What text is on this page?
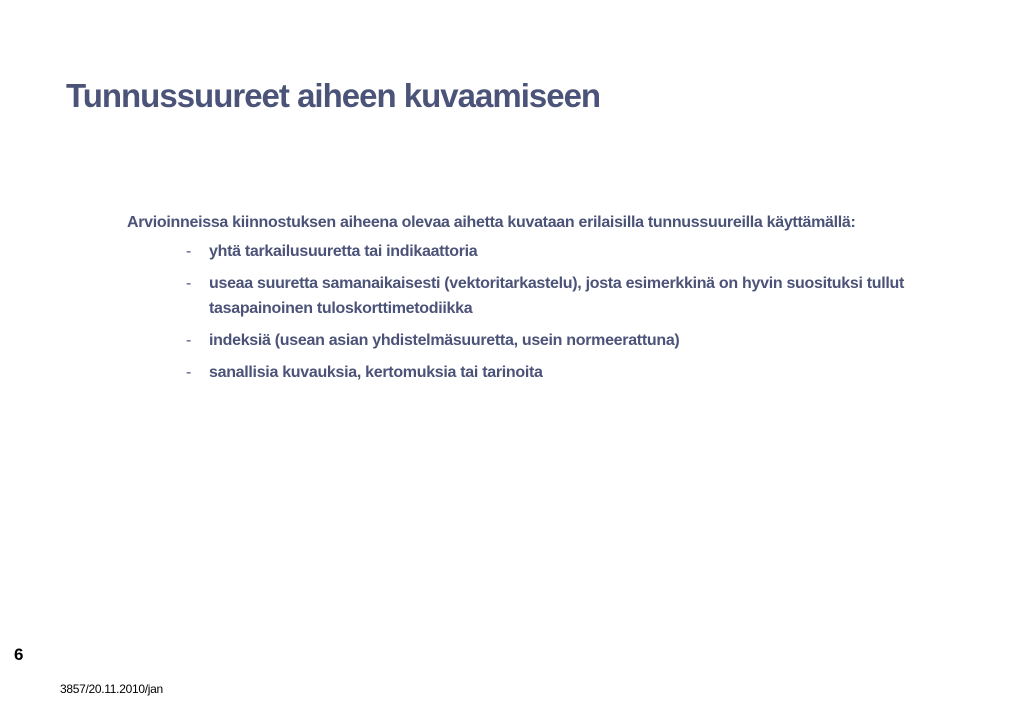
Tunnussuureet aiheen kuvaamiseen

Arvioinneissa kiinnostuksen aiheena olevaa aihetta kuvataan erilaisilla tunnussuureilla käyttämällä:

- yhtä tarkailusuuretta tai indikaattoria
- useaa suuretta samanaikaisesti (vektoritarkastelu), josta esimerkkinä on hyvin suosituksi tullut tasapainoinen tuloskorttimetodiikka
- indeksiä (usean asian yhdistelmäsuuretta, usein normeerattuna)
- sanallisia kuvauksia, kertomuksia tai tarinoita
6
3857/20.11.2010/jan
